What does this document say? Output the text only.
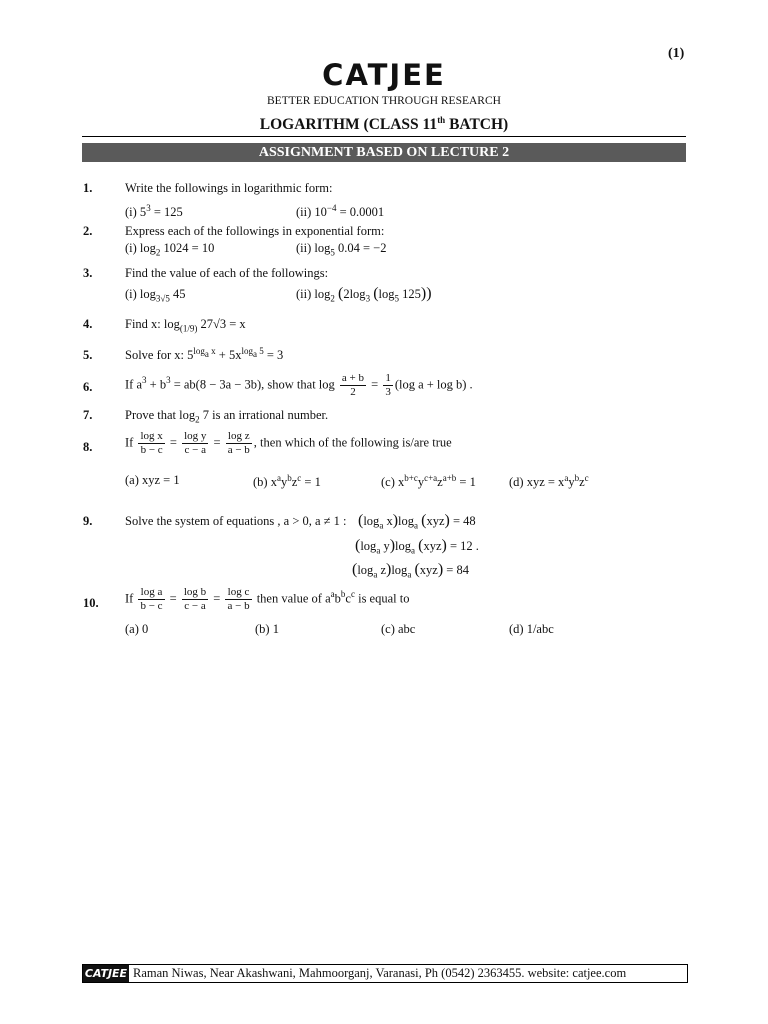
(1)
CATJEE
BETTER EDUCATION THROUGH RESEARCH
LOGARITHM (CLASS 11th BATCH)
ASSIGNMENT BASED ON LECTURE 2
1.	Write the followings in logarithmic form:
(i) $5^3 = 125$	(ii) $10^{-4} = 0.0001$
2.	Express each of the followings in exponential form:
(i) $\log_2 1024 = 10$	(ii) $\log_5 0.04 = -2$
3.	Find the value of each of the followings:
(i) $\log_{3√5} 45$	(ii) $\log_2 (2\log_3$ ($\log_5$ 125))
4.	Find x: $\log_{(1/9)} 27√3 = x$
5.	Solve for x: $5^{log_a x} + 5x^{log_a 5} = 3$
6.	If $a^3 + b^3 = ab(8 - 3a - 3b)$, show that $\log \frac{a + b}{2} = \frac{1}{3} (\log$ a + log b) .
7.	Prove that $\log_2 7$ is an irrational number.
8.	If $\frac{\text{log x}}{b - c} = \frac{\text{log y}}{c - a} = \frac{\text{log z}}{a - b}$ , then which of the following is/are true
(a) xyz = 1	(b) $x^ay^bz^c = 1$	(c) $x^{b+c}y^{c+a}z^{a+b} = 1$	(d) xyz = $x^ay^bz^c$
9.	Solve the system of equations , a > 0, a ≠ 1 : ($\log_a$ $x)\log_a$ (xyz) = 48
($\log_a$ $y)\log_a$ (xyz) = 12 .
($\log_a$ $z)\log_a$ (xyz) = 84
10. If $\frac{\text{log a}}{b - c} = \frac{\text{log b}}{c - a} = \frac{\text{log c}}{a - b}$ then value of $a^ab^bc^c$ is equal to
(a) 0	(b) 1	(c) abc	(d) 1/abc
CATJEE Raman Niwas, Near Akashwani, Mahmoorganj, Varanasi, Ph (0542) 2363455. website: catjee.com
